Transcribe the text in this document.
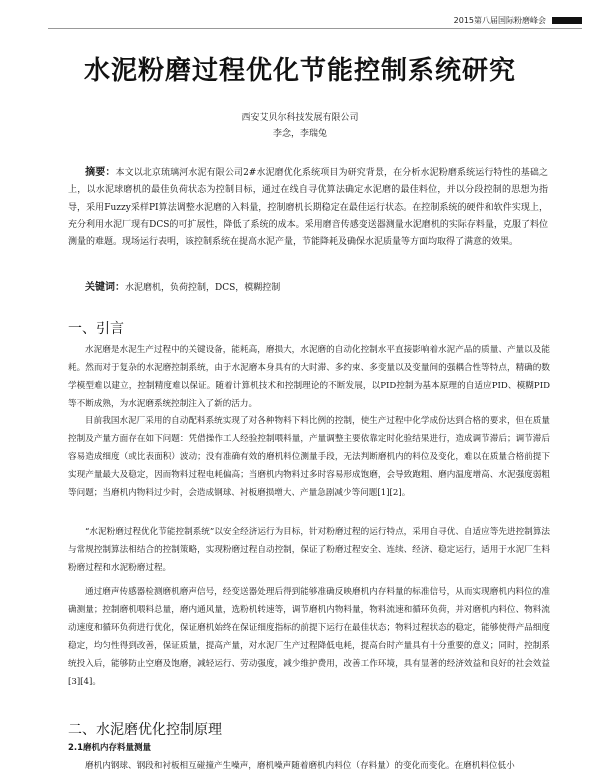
2015第八届国际粉磨峰会
水泥粉磨过程优化节能控制系统研究
西安艾贝尔科技发展有限公司
李念，李瑞兔

摘要：本文以北京琉璃河水泥有限公司2#水泥磨优化系统项目为研究背景，在分析水泥粉磨系统运行特性的基础之上，以水泥球磨机的最佳负荷状态为控制目标，通过在线自寻优算法确定水泥磨的最佳料位，并以分段控制的思想为指导，采用Fuzzy采样PI算法调整水泥磨的入料量，控制磨机长期稳定在最佳运行状态。在控制系统的硬件和软件实现上，充分利用水泥厂现有DCS的可扩展性，降低了系统的成本。采用磨音传感变送器测量水泥磨机的实际存料量，克服了料位测量的难题。现场运行表明，该控制系统在提高水泥产量，节能降耗及确保水泥质量等方面均取得了满意的效果。

关键词：水泥磨机，负荷控制，DCS，模糊控制
一、引言

水泥磨是水泥生产过程中的关键设备，能耗高，磨损大，水泥磨的自动化控制水平直接影响着水泥产品的质量、产量以及能耗。然而对于复杂的水泥磨控制系统，由于水泥磨本身具有的大时滞、多约束、多变量以及变量间的强耦合性等特点，精确的数学模型难以建立，控制精度难以保证。随着计算机技术和控制理论的不断发展，以PID控制为基本原理的自适应PID、模糊PID等不断成熟，为水泥磨系统控制注入了新的活力。

目前我国水泥厂采用的自动配料系统实现了对各种物料下料比例的控制，使生产过程中化学成份达到合格的要求，但在质量控制及产量方面存在如下问题：凭借操作工人经验控制喂料量，产量调整主要依靠定时化验结果进行，造成调节滞后；调节滞后容易造成细度（或比表面积）波动；没有准确有效的磨机料位测量手段，无法判断磨机内的料位及变化，难以在质量合格前提下实现产量最大及稳定，因而物料过程电耗偏高；当磨机内物料过多时容易形成饱磨，会导致跑粗、磨内温度增高、水泥强度弱粗等问题；当磨机内物料过少时，会造成钢球、衬板磨损增大、产量急剧减少等问题[1][2]。

“水泥粉磨过程优化节能控制系统”以安全经济运行为目标，针对粉磨过程的运行特点，采用自寻优、自适应等先进控制算法与常规控制算法相结合的控制策略，实现粉磨过程自动控制，保证了粉磨过程安全、连续、经济、稳定运行，适用于水泥厂生料粉磨过程和水泥粉磨过程。

通过磨声传感器检测磨机磨声信号，经变送器处理后得到能够准确反映磨机内存料量的标准信号，从而实现磨机内料位的准确测量；控制磨机喂料总量，磨内通风量，选粉机转速等，调节磨机内物料量，物料流速和循环负荷，并对磨机内料位、物料流动速度和循环负荷进行优化，保证磨机始终在保证细度指标的前提下运行在最佳状态；物料过程状态的稳定，能够使得产品细度稳定，均匀性得到改善，保证质量，提高产量，对水泥厂生产过程降低电耗，提高台时产量具有十分重要的意义；同时，控制系统投入后，能够防止空磨及饱磨，减轻运行、劳动强度，减少维护费用，改善工作环境，具有显著的经济效益和良好的社会效益[3][4]。

二、水泥磨优化控制原理
2.1磨机内存料量测量

磨机内钢球、钢段和衬板相互碰撞产生噪声，磨机噪声随着磨机内料位（存料量）的变化而变化。在磨机料位低小
